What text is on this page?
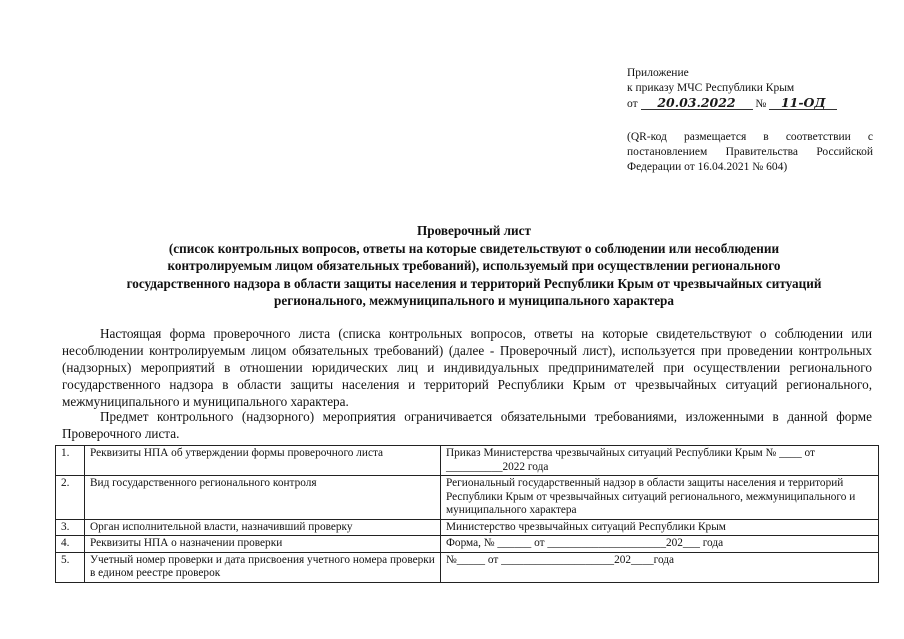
Приложение
к приказу МЧС Республики Крым
от 20.03.2022 № 11-ОД
(QR-код размещается в соответствии с постановлением Правительства Российской Федерации от 16.04.2021 № 604)
Проверочный лист
(список контрольных вопросов, ответы на которые свидетельствуют о соблюдении или несоблюдении
контролируемым лицом обязательных требований), используемый при осуществлении регионального
государственного надзора в области защиты населения и территорий Республики Крым от чрезвычайных ситуаций
регионального, межмуниципального и муниципального характера
Настоящая форма проверочного листа (списка контрольных вопросов, ответы на которые свидетельствуют о соблюдении или несоблюдении контролируемым лицом обязательных требований) (далее - Проверочный лист), используется при проведении контрольных (надзорных) мероприятий в отношении юридических лиц и индивидуальных предпринимателей при осуществлении регионального государственного надзора в области защиты населения и территорий Республики Крым от чрезвычайных ситуаций регионального, межмуниципального и муниципального характера.
Предмет контрольного (надзорного) мероприятия ограничивается обязательными требованиями, изложенными в данной форме Проверочного листа.
1.	Реквизиты НПА об утверждении формы проверочного листа	Приказ Министерства чрезвычайных ситуаций Республики Крым № ____ от __________2022 года
2.	Вид государственного регионального контроля	Региональный государственный надзор в области защиты населения и территорий Республики Крым от чрезвычайных ситуаций регионального, межмуниципального и муниципального характера
3.	Орган исполнительной власти, назначивший проверку	Министерство чрезвычайных ситуаций Республики Крым
4.	Реквизиты НПА о назначении проверки	Форма, № ______ от _____________________202___ года
5.	Учетный номер проверки и дата присвоения учетного номера проверки в едином реестре проверок	№_____ от ____________________202____года
